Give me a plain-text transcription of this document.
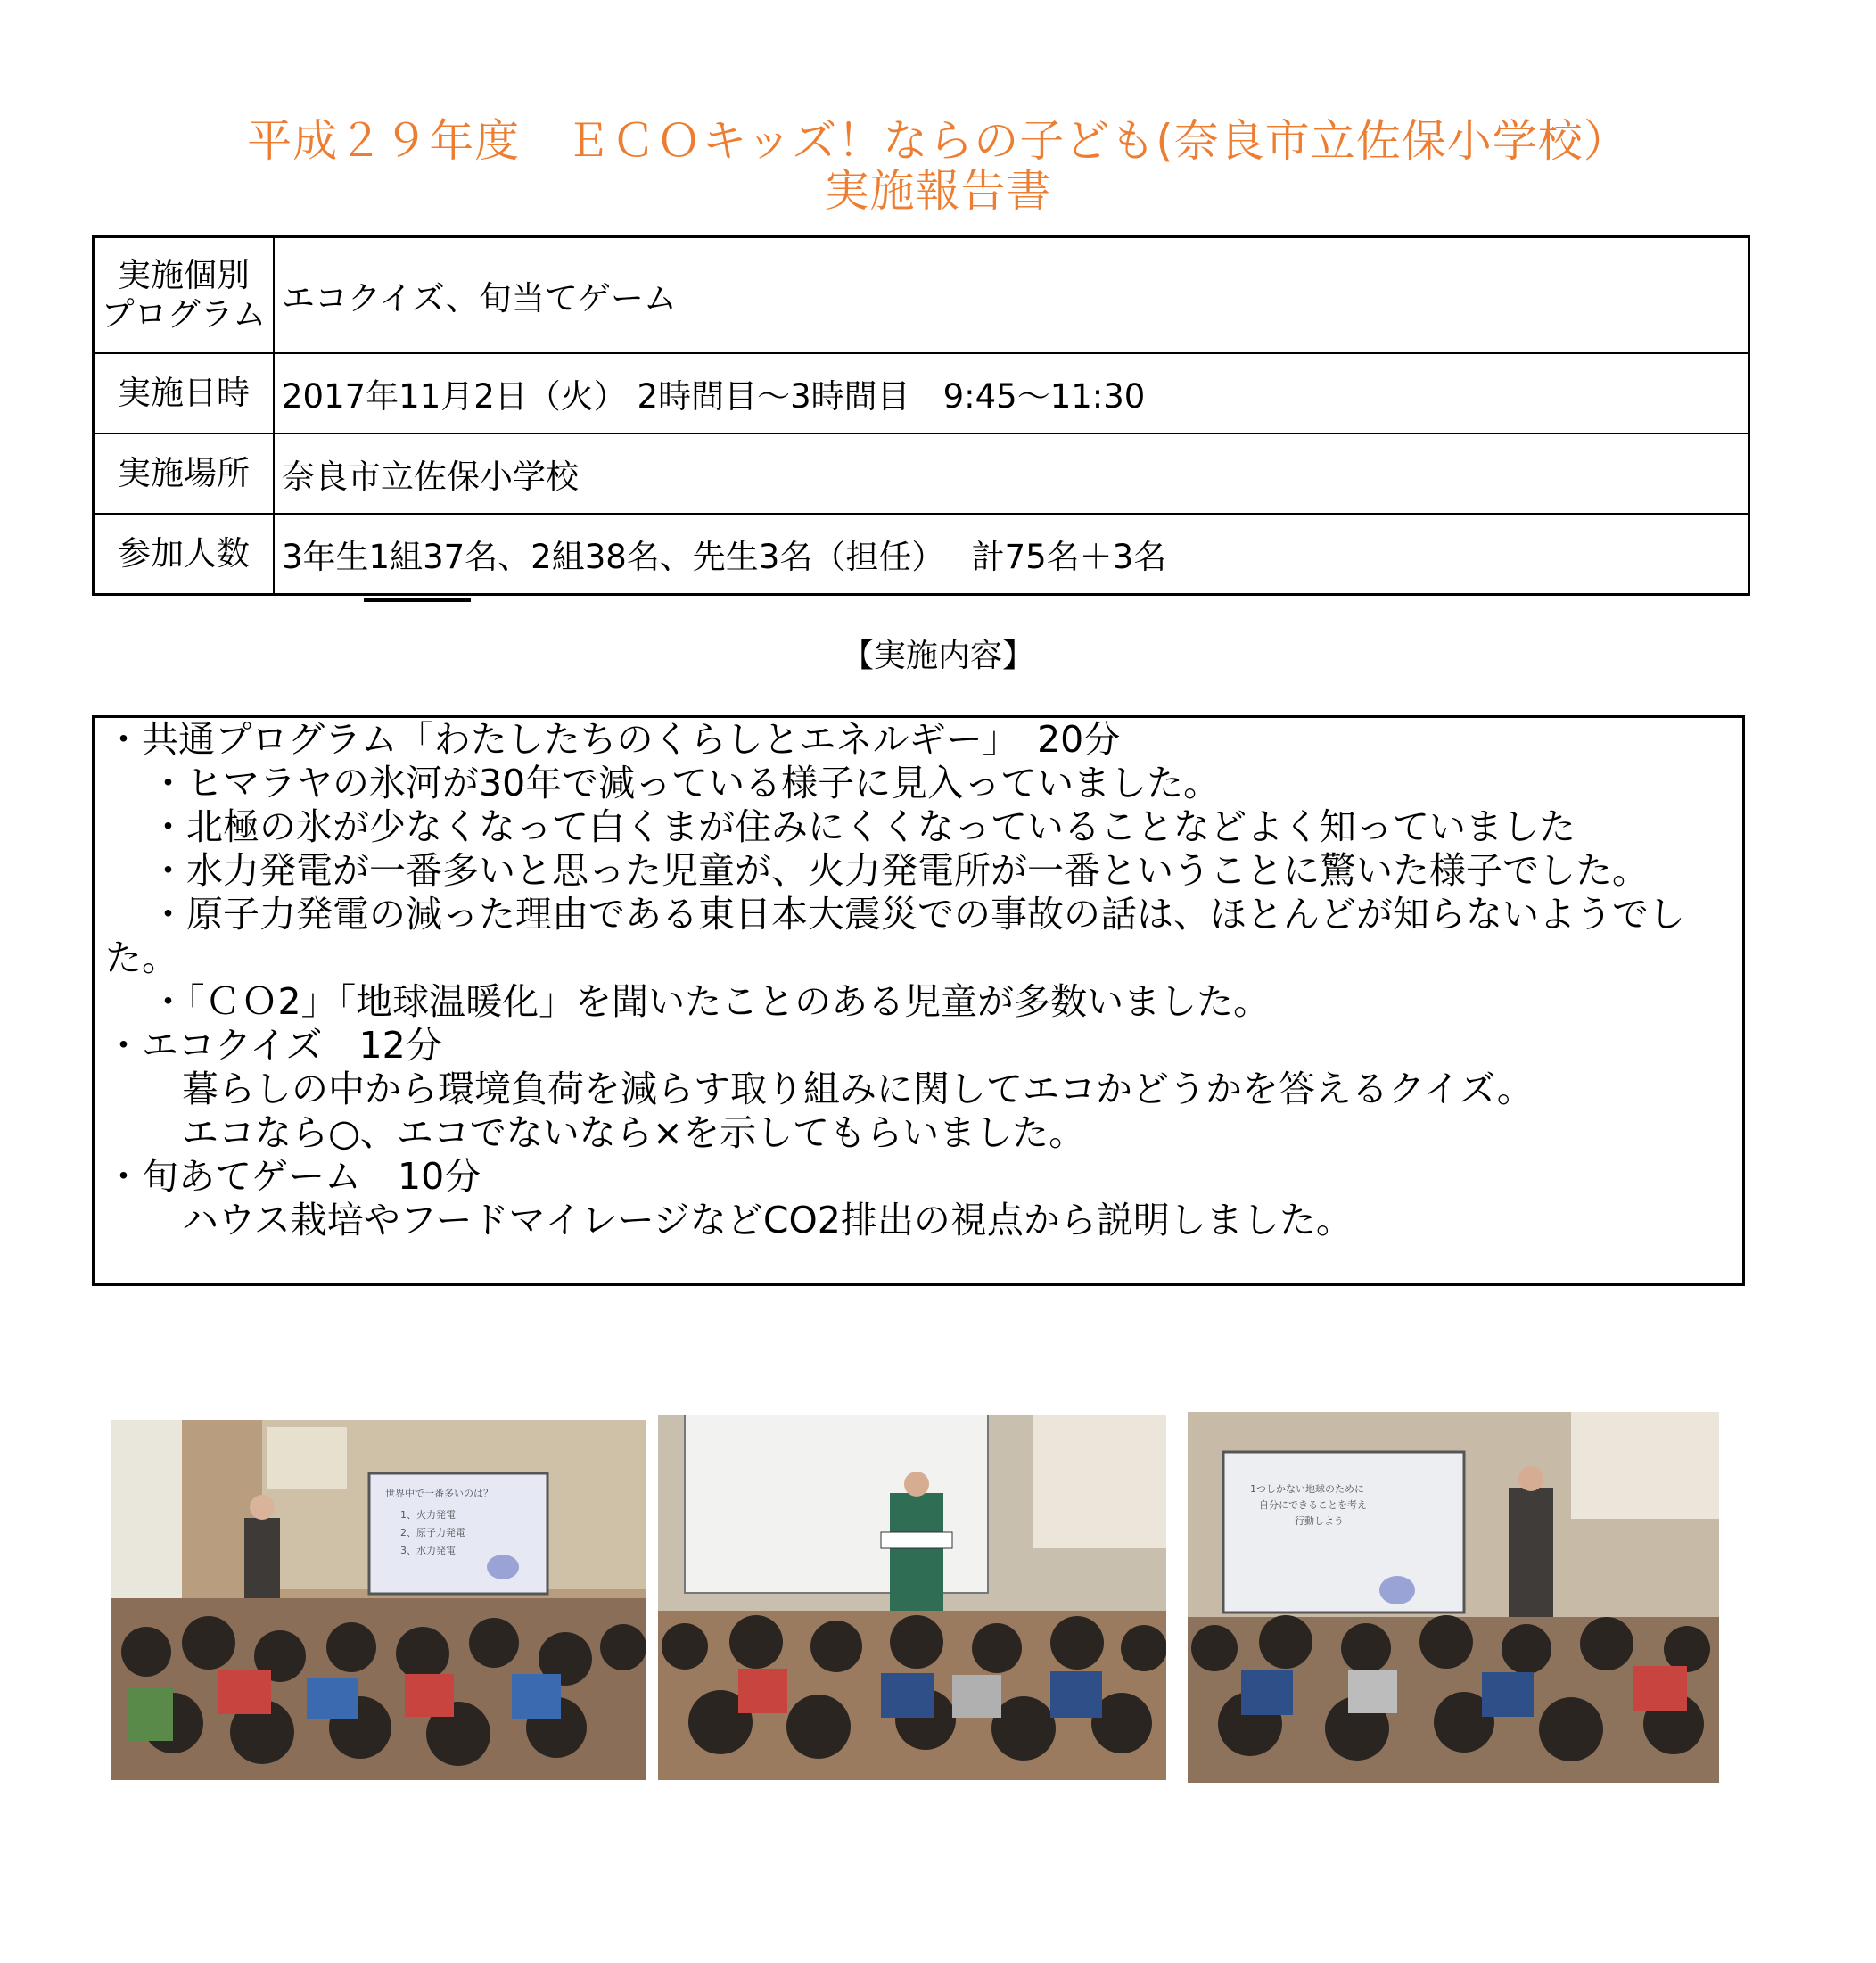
平成２９年度　ＥＣＯキッズ！ならの子ども(奈良市立佐保小学校）
実施報告書
実施個別
プログラム	エコクイズ、旬当てゲーム
実施日時	2017年11月2日（火） 2時間目～3時間目　9:45～11:30
実施場所	奈良市立佐保小学校
参加人数	3年生1組37名、2組38名、先生3名（担任）　 計75名＋3名
【実施内容】

・共通プログラム「わたしたちのくらしとエネルギー」　20分

・ヒマラヤの氷河が30年で減っている様子に見入っていました。

・北極の氷が少なくなって白くまが住みにくくなっていることなどよく知っていました

・水力発電が一番多いと思った児童が、火力発電所が一番ということに驚いた様子でした。

・原子力発電の減った理由である東日本大震災での事故の話は、ほとんどが知らないようでした。

・「ＣＯ2」「地球温暖化」を聞いたことのある児童が多数いました。

・エコクイズ　12分

暮らしの中から環境負荷を減らす取り組みに関してエコかどうかを答えるクイズ。

エコなら○、エコでないなら×を示してもらいました。

・旬あてゲーム　10分

ハウス栽培やフードマイレージなどCO2排出の視点から説明しました。

世界中で一番多いのは？
1、火力発電
2、原子力発電
3、水力発電
1つしかない地球のために
自分にできることを考え
行動しよう
